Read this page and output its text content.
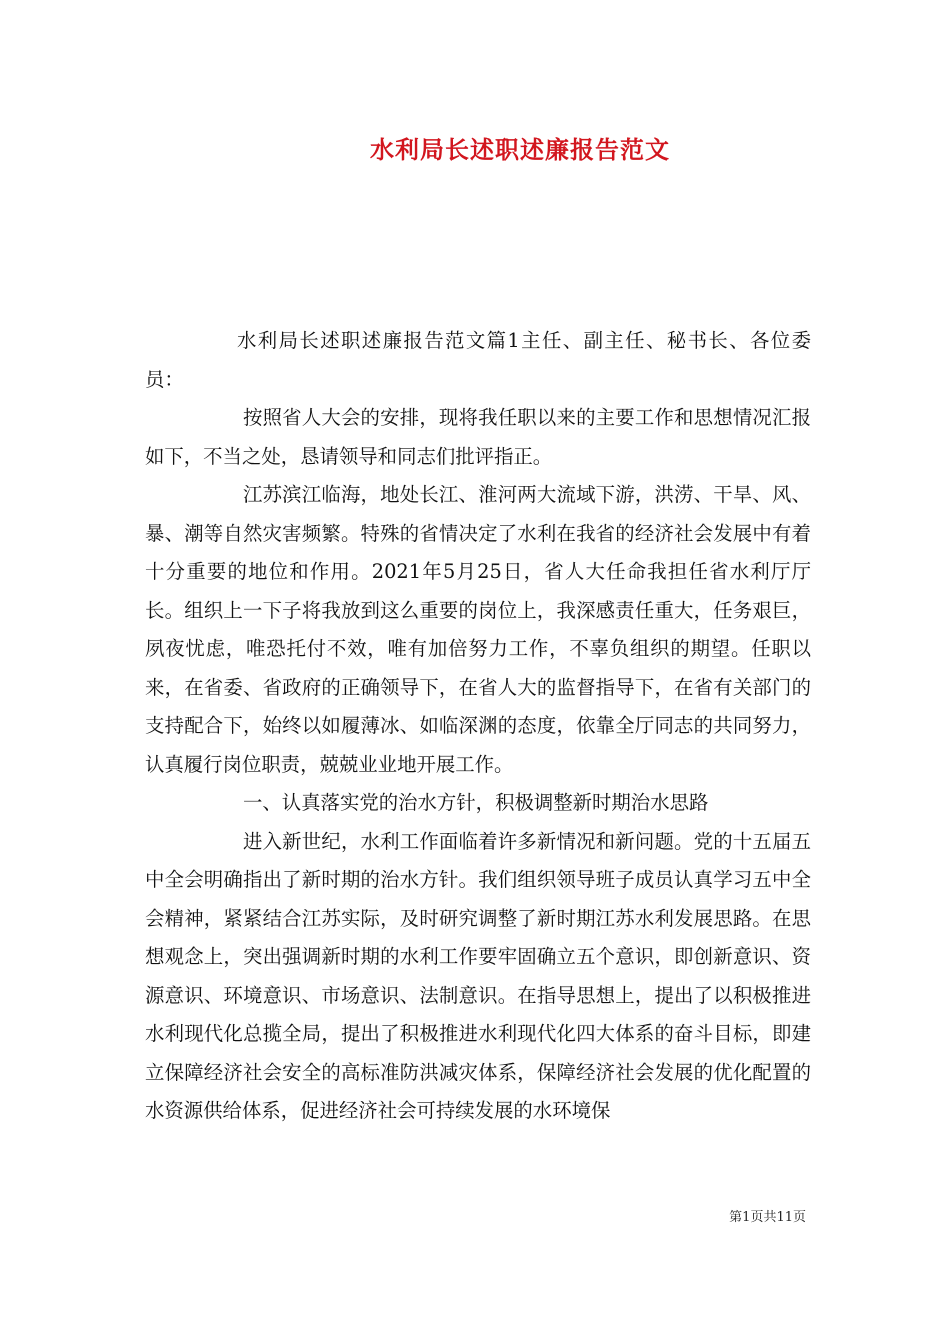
水利局长述职述廉报告范文

水利局长述职述廉报告范文篇1主任、副主任、秘书长、各位委员：

按照省人大会的安排，现将我任职以来的主要工作和思想情况汇报如下，不当之处，恳请领导和同志们批评指正。

江苏滨江临海，地处长江、淮河两大流域下游，洪涝、干旱、风、暴、潮等自然灾害频繁。特殊的省情决定了水利在我省的经济社会发展中有着十分重要的地位和作用。2021年5月25日，省人大任命我担任省水利厅厅长。组织上一下子将我放到这么重要的岗位上，我深感责任重大，任务艰巨，夙夜忧虑，唯恐托付不效，唯有加倍努力工作，不辜负组织的期望。任职以来，在省委、省政府的正确领导下，在省人大的监督指导下，在省有关部门的支持配合下，始终以如履薄冰、如临深渊的态度，依靠全厅同志的共同努力，认真履行岗位职责，兢兢业业地开展工作。

一、认真落实党的治水方针，积极调整新时期治水思路

进入新世纪，水利工作面临着许多新情况和新问题。党的十五届五中全会明确指出了新时期的治水方针。我们组织领导班子成员认真学习五中全会精神，紧紧结合江苏实际，及时研究调整了新时期江苏水利发展思路。在思想观念上，突出强调新时期的水利工作要牢固确立五个意识，即创新意识、资源意识、环境意识、市场意识、法制意识。在指导思想上，提出了以积极推进水利现代化总揽全局，提出了积极推进水利现代化四大体系的奋斗目标，即建立保障经济社会安全的高标准防洪减灾体系，保障经济社会发展的优化配置的水资源供给体系，促进经济社会可持续发展的水环境保

第1页共11页
